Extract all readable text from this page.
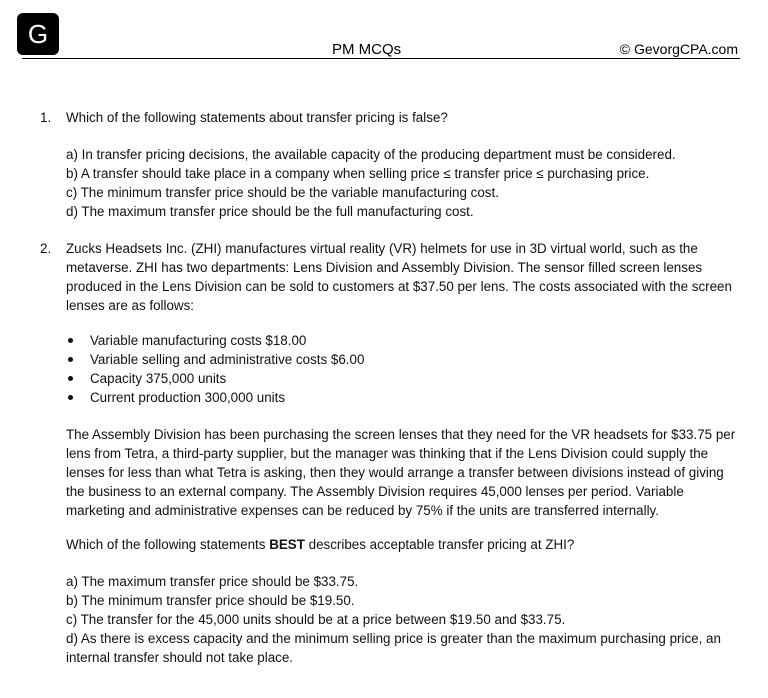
G
PM MCQs	© GevorgCPA.com
1. Which of the following statements about transfer pricing is false?
a) In transfer pricing decisions, the available capacity of the producing department must be considered.
b) A transfer should take place in a company when selling price ≤ transfer price ≤ purchasing price.
c) The minimum transfer price should be the variable manufacturing cost.
d) The maximum transfer price should be the full manufacturing cost.
2. Zucks Headsets Inc. (ZHI) manufactures virtual reality (VR) helmets for use in 3D virtual world, such as the metaverse. ZHI has two departments: Lens Division and Assembly Division. The sensor filled screen lenses produced in the Lens Division can be sold to customers at $37.50 per lens. The costs associated with the screen lenses are as follows:

Variable manufacturing costs $18.00
Variable selling and administrative costs $6.00
Capacity 375,000 units
Current production 300,000 units

The Assembly Division has been purchasing the screen lenses that they need for the VR headsets for $33.75 per lens from Tetra, a third-party supplier, but the manager was thinking that if the Lens Division could supply the lenses for less than what Tetra is asking, then they would arrange a transfer between divisions instead of giving the business to an external company. The Assembly Division requires 45,000 lenses per period. Variable marketing and administrative expenses can be reduced by 75% if the units are transferred internally.

Which of the following statements BEST describes acceptable transfer pricing at ZHI?

a) The maximum transfer price should be $33.75.
b) The minimum transfer price should be $19.50.
c) The transfer for the 45,000 units should be at a price between $19.50 and $33.75.
d) As there is excess capacity and the minimum selling price is greater than the maximum purchasing price, an internal transfer should not take place.
